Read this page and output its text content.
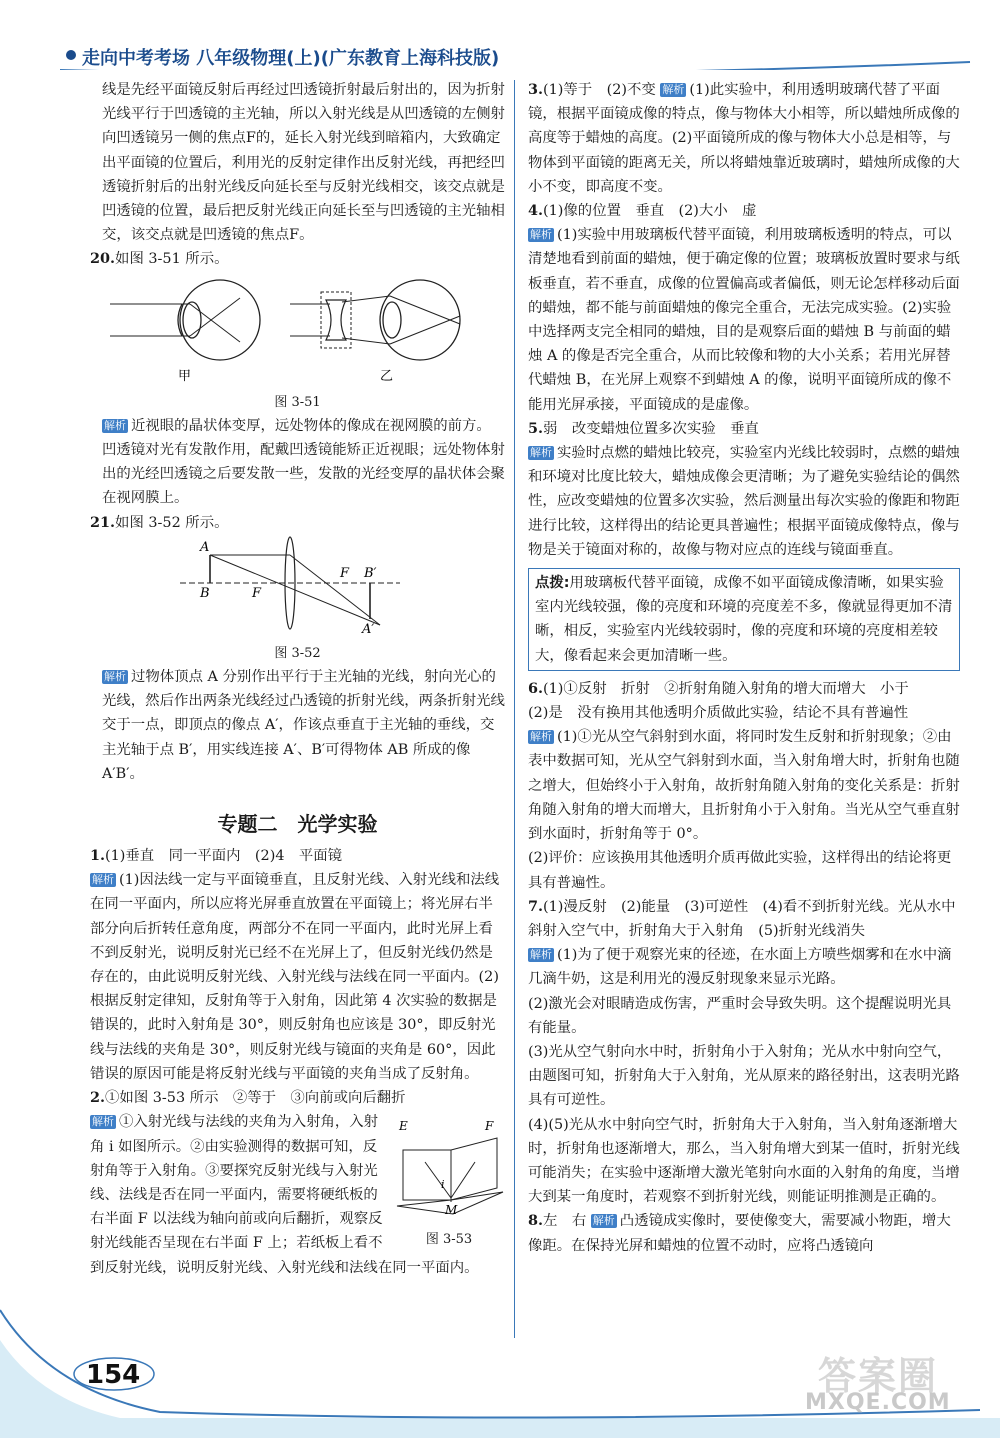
走向中考考场 八年级物理(上)(广东教育上海科技版)

线是先经平面镜反射后再经过凹透镜折射最后射出的，因为折射光线平行于凹透镜的主光轴，所以入射光线是从凹透镜的左侧射向凹透镜另一侧的焦点F的，延长入射光线到暗箱内，大致确定出平面镜的位置后，利用光的反射定律作出反射光线，再把经凹透镜折射后的出射光线反向延长至与反射光线相交，该交点就是凹透镜的位置，最后把反射光线正向延长至与凹透镜的主光轴相交，该交点就是凹透镜的焦点F。

20.如图 3-51 所示。

甲	乙

图 3-51

解析 近视眼的晶状体变厚，远处物体的像成在视网膜的前方。凹透镜对光有发散作用，配戴凹透镜能矫正近视眼；远处物体射出的光经凹透镜之后要发散一些，发散的光经变厚的晶状体会聚在视网膜上。

21.如图 3-52 所示。

A
B	F
F B′
A′

图 3-52

解析 过物体顶点 A 分别作出平行于主光轴的光线，射向光心的光线，然后作出两条光线经过凸透镜的折射光线，两条折射光线交于一点，即顶点的像点 A′，作该点垂直于主光轴的垂线，交主光轴于点 B′，用实线连接 A′、B′可得物体 AB 所成的像 A′B′。

专题二　光学实验

1.(1)垂直　同一平面内　(2)4　平面镜

解析 (1)因法线一定与平面镜垂直，且反射光线、入射光线和法线在同一平面内，所以应将光屏垂直放置在平面镜上；将光屏右半部分向后折转任意角度，两部分不在同一平面内，此时光屏上看不到反射光，说明反射光已经不在光屏上了，但反射光线仍然是存在的，由此说明反射光线、入射光线与法线在同一平面内。(2)根据反射定律知，反射角等于入射角，因此第 4 次实验的数据是错误的，此时入射角是 30°，则反射角也应该是 30°，即反射光线与法线的夹角是 30°，则反射光线与镜面的夹角是 60°，因此错误的原因可能是将反射光线与平面镜的夹角当成了反射角。

2.①如图 3-53 所示　②等于　③向前或向后翻折

E	F
M
i

图 3-53

解析 ①入射光线与法线的夹角为入射角，入射角 i 如图所示。②由实验测得的数据可知，反射角等于入射角。③要探究反射光线与入射光线、法线是否在同一平面内，需要将硬纸板的右半面 F 以法线为轴向前或向后翻折，观察反射光线能否呈现在右半面 F 上；若纸板上看不到反射光线，说明反射光线、入射光线和法线在同一平面内。

3.(1)等于　(2)不变 解析 (1)此实验中，利用透明玻璃代替了平面镜，根据平面镜成像的特点，像与物体大小相等，所以蜡烛所成像的高度等于蜡烛的高度。(2)平面镜所成的像与物体大小总是相等，与物体到平面镜的距离无关，所以将蜡烛靠近玻璃时，蜡烛所成像的大小不变，即高度不变。

4.(1)像的位置　垂直　(2)大小　虚

解析 (1)实验中用玻璃板代替平面镜，利用玻璃板透明的特点，可以清楚地看到前面的蜡烛，便于确定像的位置；玻璃板放置时要求与纸板垂直，若不垂直，成像的位置偏高或者偏低，则无论怎样移动后面的蜡烛，都不能与前面蜡烛的像完全重合，无法完成实验。(2)实验中选择两支完全相同的蜡烛，目的是观察后面的蜡烛 B 与前面的蜡烛 A 的像是否完全重合，从而比较像和物的大小关系；若用光屏替代蜡烛 B，在光屏上观察不到蜡烛 A 的像，说明平面镜所成的像不能用光屏承接，平面镜成的是虚像。

5.弱　改变蜡烛位置多次实验　垂直

解析 实验时点燃的蜡烛比较亮，实验室内光线比较弱时，点燃的蜡烛和环境对比度比较大，蜡烛成像会更清晰；为了避免实验结论的偶然性，应改变蜡烛的位置多次实验，然后测量出每次实验的像距和物距进行比较，这样得出的结论更具普遍性；根据平面镜成像特点，像与物是关于镜面对称的，故像与物对应点的连线与镜面垂直。

点拨:用玻璃板代替平面镜，成像不如平面镜成像清晰，如果实验室内光线较强，像的亮度和环境的亮度差不多，像就显得更加不清晰，相反，实验室内光线较弱时，像的亮度和环境的亮度相差较大，像看起来会更加清晰一些。

6.(1)①反射　折射　②折射角随入射角的增大而增大　小于

(2)是　没有换用其他透明介质做此实验，结论不具有普遍性

解析 (1)①光从空气斜射到水面，将同时发生反射和折射现象；②由表中数据可知，光从空气斜射到水面，当入射角增大时，折射角也随之增大，但始终小于入射角，故折射角随入射角的变化关系是：折射角随入射角的增大而增大，且折射角小于入射角。当光从空气垂直射到水面时，折射角等于 0°。

(2)评价：应该换用其他透明介质再做此实验，这样得出的结论将更具有普遍性。

7.(1)漫反射　(2)能量　(3)可逆性　(4)看不到折射光线。光从水中斜射入空气中，折射角大于入射角　(5)折射光线消失

解析 (1)为了便于观察光束的径迹，在水面上方喷些烟雾和在水中滴几滴牛奶，这是利用光的漫反射现象来显示光路。

(2)激光会对眼睛造成伤害，严重时会导致失明。这个提醒说明光具有能量。

(3)光从空气射向水中时，折射角小于入射角；光从水中射向空气，由题图可知，折射角大于入射角，光从原来的路径射出，这表明光路具有可逆性。

(4)(5)光从水中射向空气时，折射角大于入射角，当入射角逐渐增大时，折射角也逐渐增大，那么，当入射角增大到某一值时，折射光线可能消失；在实验中逐渐增大激光笔射向水面的入射角的角度，当增大到某一角度时，若观察不到折射光线，则能证明推测是正确的。

8.左　右 解析 凸透镜成实像时，要使像变大，需要减小物距，增大像距。在保持光屏和蜡烛的位置不动时，应将凸透镜向

154	答案圈
MXQE.COM
